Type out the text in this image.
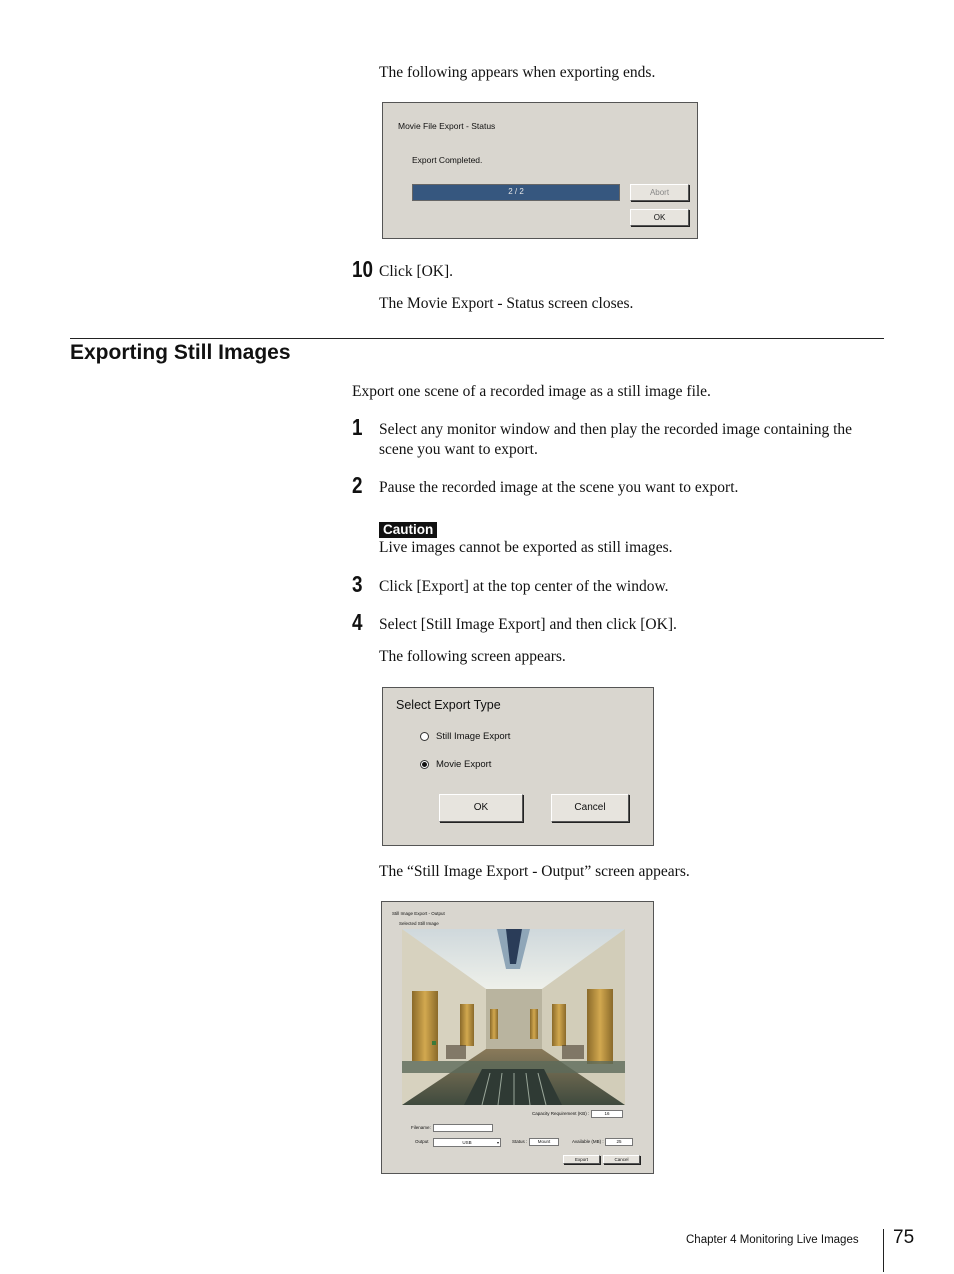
The following appears when exporting ends.
Movie File Export - Status
Export Completed.
2 / 2	Abort
OK
10 Click [OK].
The Movie Export - Status screen closes.
Exporting Still Images
Export one scene of a recorded image as a still image file.
1 Select any monitor window and then play the recorded image containing the scene you want to export.
2 Pause the recorded image at the scene you want to export.
Caution
Live images cannot be exported as still images.
3 Click [Export] at the top center of the window.
4 Select [Still Image Export] and then click [OK].
The following screen appears.
Select Export Type
Still Image Export
Movie Export
OK	Cancel
The “Still Image Export - Output” screen appears.
Still Image Export - Output
Selected Still Image
Capacity Requirement (KB) :	16
Filename:
Output	USB	▾	Status :	Mount	Available (MB) :	25
Export	Cancel
Chapter 4 Monitoring Live Images 75
